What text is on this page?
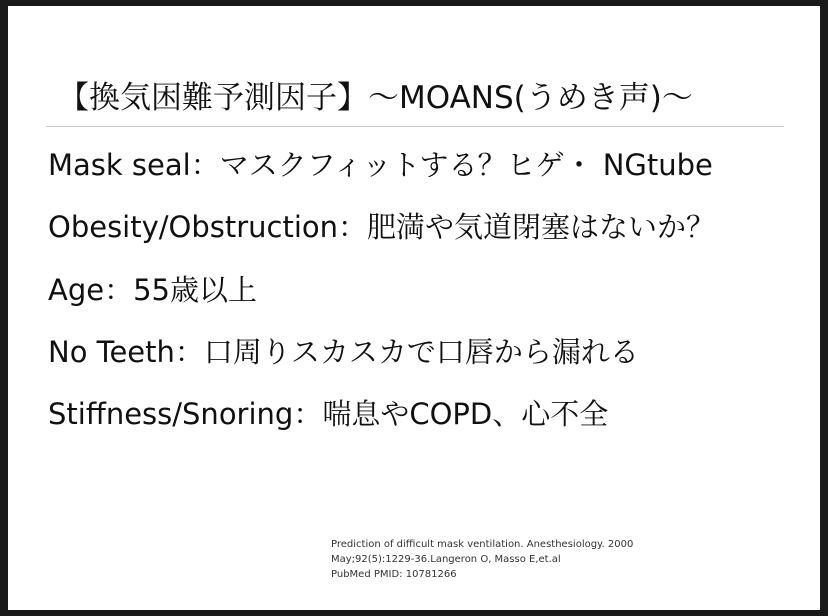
【換気困難予測因子】〜MOANS(うめき声)〜
Mask seal：マスクフィットする？ヒゲ・ NGtube
Obesity/Obstruction：肥満や気道閉塞はないか？
Age：55歳以上
No Teeth：口周りスカスカで口唇から漏れる
Stiffness/Snoring：喘息やCOPD、心不全
Prediction of difficult mask ventilation. Anesthesiology. 2000
May;92(5):1229-36.Langeron O, Masso E,et.al
PubMed PMID: 10781266
